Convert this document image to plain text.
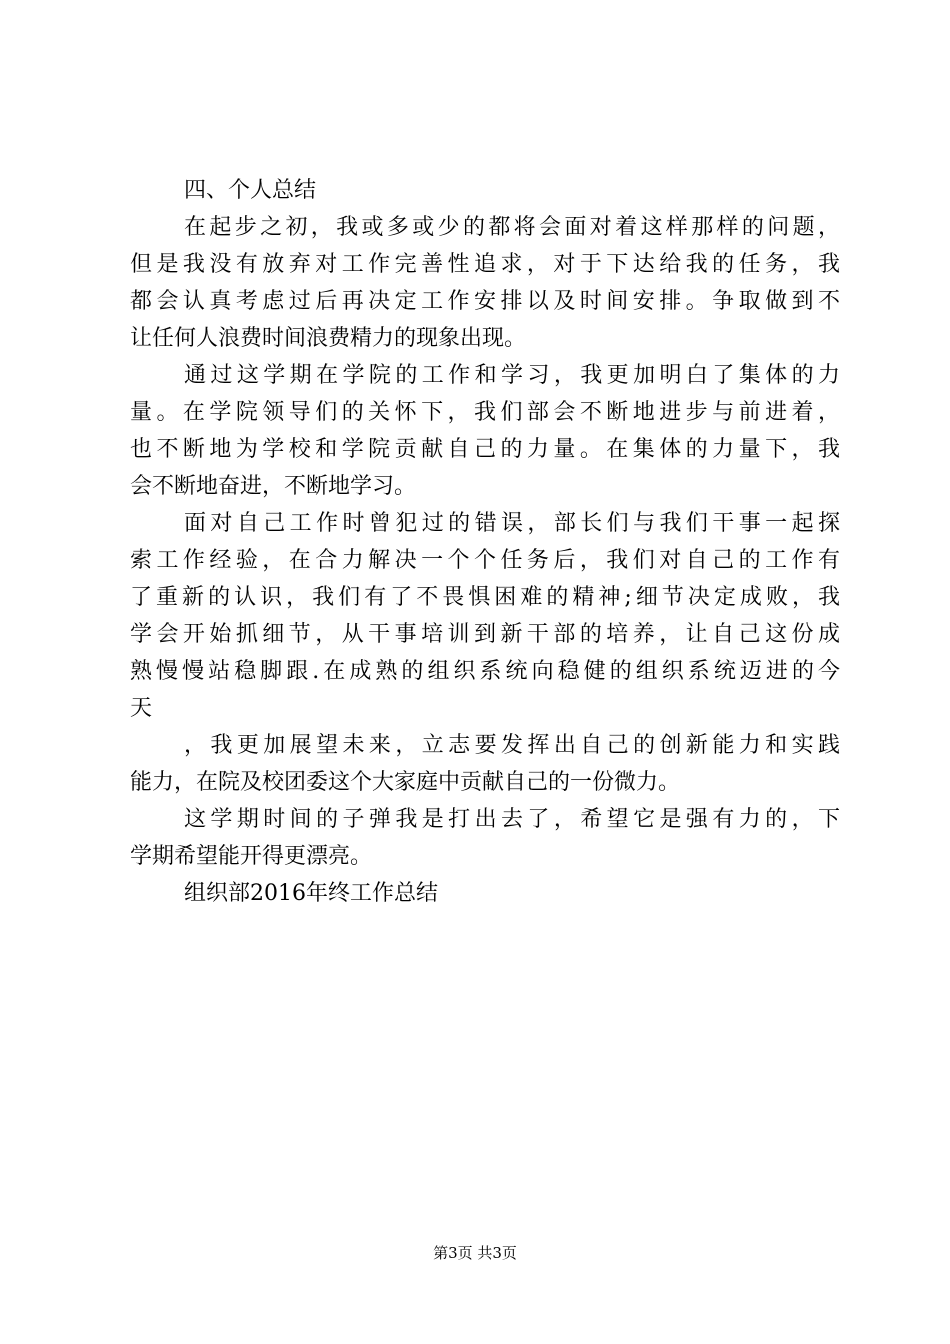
四、个人总结

在起步之初，我或多或少的都将会面对着这样那样的问题，
但是我没有放弃对工作完善性追求，对于下达给我的任务，我
都会认真考虑过后再决定工作安排以及时间安排。争取做到不
让任何人浪费时间浪费精力的现象出现。

通过这学期在学院的工作和学习，我更加明白了集体的力
量。在学院领导们的关怀下，我们部会不断地进步与前进着，
也不断地为学校和学院贡献自己的力量。在集体的力量下，我
会不断地奋进，不断地学习。

面对自己工作时曾犯过的错误，部长们与我们干事一起探
索工作经验，在合力解决一个个任务后，我们对自己的工作有
了重新的认识，我们有了不畏惧困难的精神;细节决定成败，我
学会开始抓细节，从干事培训到新干部的培养，让自己这份成
熟慢慢站稳脚跟.在成熟的组织系统向稳健的组织系统迈进的今
天

，我更加展望未来，立志要发挥出自己的创新能力和实践
能力，在院及校团委这个大家庭中贡献自己的一份微力。

这学期时间的子弹我是打出去了，希望它是强有力的，下
学期希望能开得更漂亮。

组织部2016年终工作总结

第3页 共3页
